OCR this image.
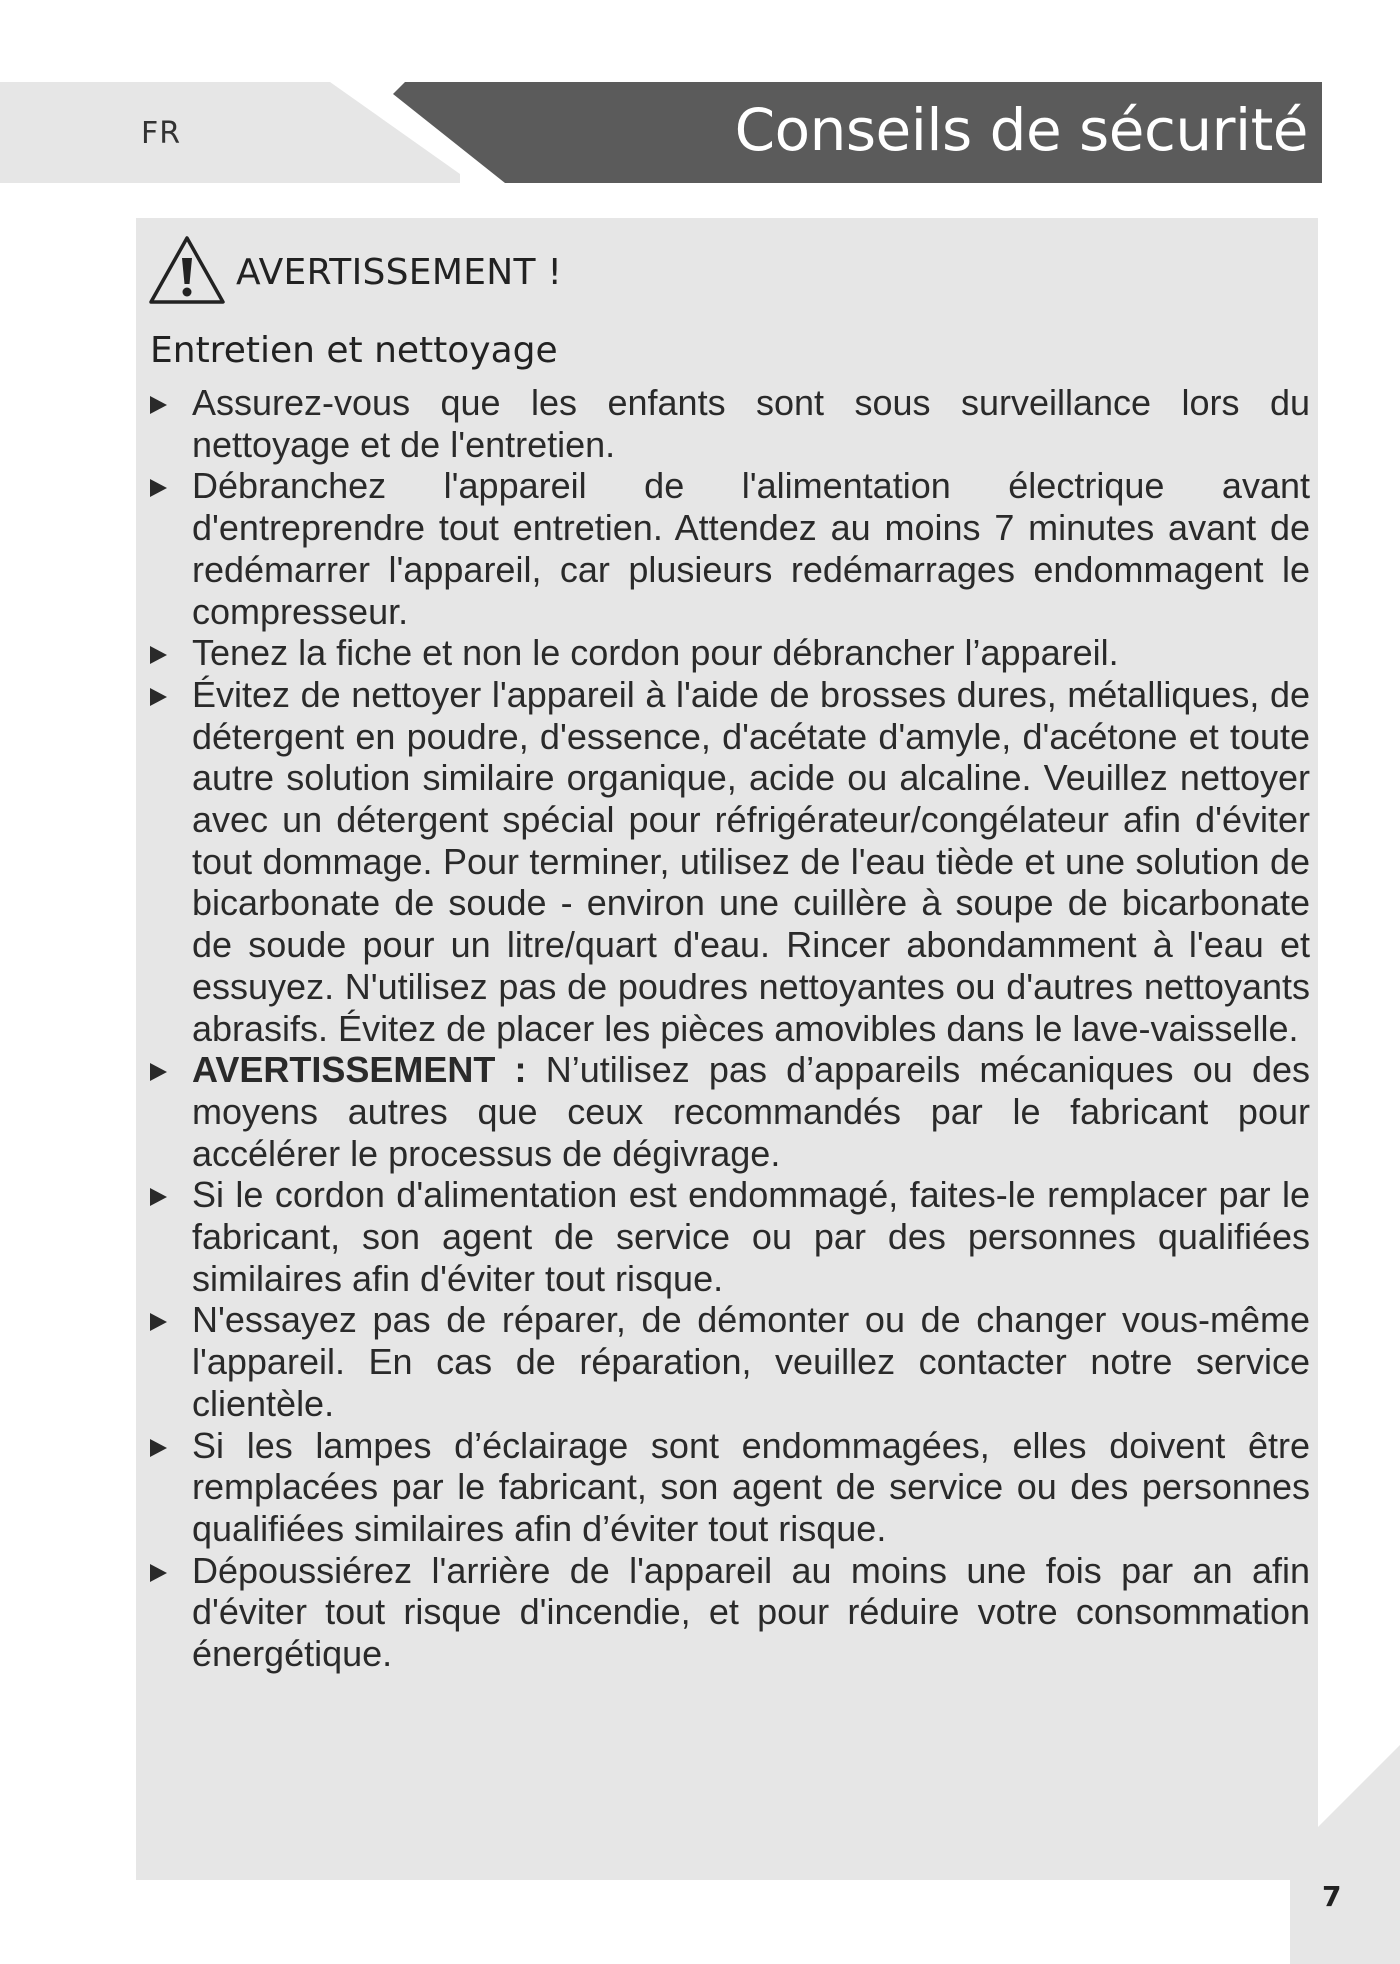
FR	Conseils de sécurité
AVERTISSEMENT !
Entretien et nettoyage
Assurez-vous que les enfants sont sous surveillance lors du nettoyage et de l'entretien.
Débranchez l'appareil de l'alimentation électrique avant d'entreprendre tout entretien. Attendez au moins 7 minutes avant de redémarrer l'appareil, car plusieurs redémarrages endommagent le compresseur.
Tenez la fiche et non le cordon pour débrancher l’appareil.
Évitez de nettoyer l'appareil à l'aide de brosses dures, métalliques, de détergent en poudre, d'essence, d'acétate d'amyle, d'acétone et toute autre solution similaire organique, acide ou alcaline. Veuillez nettoyer avec un détergent spécial pour réfrigérateur/congélateur afin d'éviter tout dommage. Pour terminer, utilisez de l'eau tiède et une solution de bicarbonate de soude - environ une cuillère à soupe de bicarbonate de soude pour un litre/quart d'eau. Rincer abondamment à l'eau et essuyez. N'utilisez pas de poudres nettoyantes ou d'autres nettoyants abrasifs. Évitez de placer les pièces amovibles dans le lave-vaisselle.
AVERTISSEMENT : N’utilisez pas d’appareils mécaniques ou des moyens autres que ceux recommandés par le fabricant pour accélérer le processus de dégivrage.
Si le cordon d'alimentation est endommagé, faites-le remplacer par le fabricant, son agent de service ou par des personnes qualifiées similaires afin d'éviter tout risque.
N'essayez pas de réparer, de démonter ou de changer vous-même l'appareil. En cas de réparation, veuillez contacter notre service clientèle.
Si les lampes d’éclairage sont endommagées, elles doivent être remplacées par le fabricant, son agent de service ou des personnes qualifiées similaires afin d’éviter tout risque.
Dépoussiérez l'arrière de l'appareil au moins une fois par an afin d'éviter tout risque d'incendie, et pour réduire votre consommation énergétique.
7
